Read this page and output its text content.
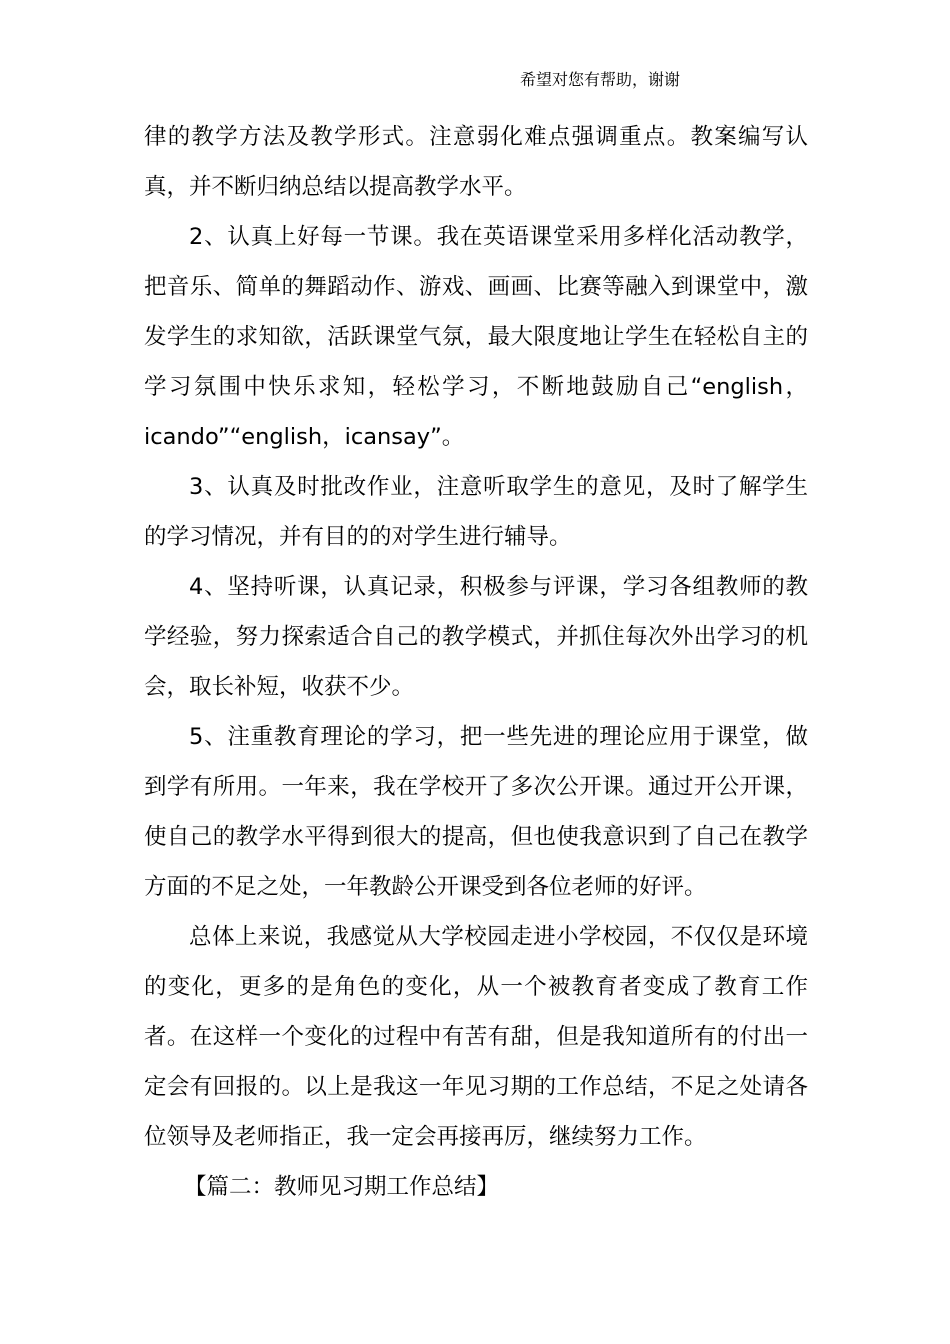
希望对您有帮助，谢谢

律的教学方法及教学形式。注意弱化难点强调重点。教案编写认真，并不断归纳总结以提高教学水平。

2、认真上好每一节课。我在英语课堂采用多样化活动教学，把音乐、简单的舞蹈动作、游戏、画画、比赛等融入到课堂中，激发学生的求知欲，活跃课堂气氛，最大限度地让学生在轻松自主的学习氛围中快乐求知，轻松学习，不断地鼓励自己“english，icando”“english，icansay”。

3、认真及时批改作业，注意听取学生的意见，及时了解学生的学习情况，并有目的的对学生进行辅导。

4、坚持听课，认真记录，积极参与评课，学习各组教师的教学经验，努力探索适合自己的教学模式，并抓住每次外出学习的机会，取长补短，收获不少。

5、注重教育理论的学习，把一些先进的理论应用于课堂，做到学有所用。一年来，我在学校开了多次公开课。通过开公开课，使自己的教学水平得到很大的提高，但也使我意识到了自己在教学方面的不足之处，一年教龄公开课受到各位老师的好评。

总体上来说，我感觉从大学校园走进小学校园，不仅仅是环境的变化，更多的是角色的变化，从一个被教育者变成了教育工作者。在这样一个变化的过程中有苦有甜，但是我知道所有的付出一定会有回报的。以上是我这一年见习期的工作总结，不足之处请各位领导及老师指正，我一定会再接再厉，继续努力工作。

【篇二：教师见习期工作总结】
